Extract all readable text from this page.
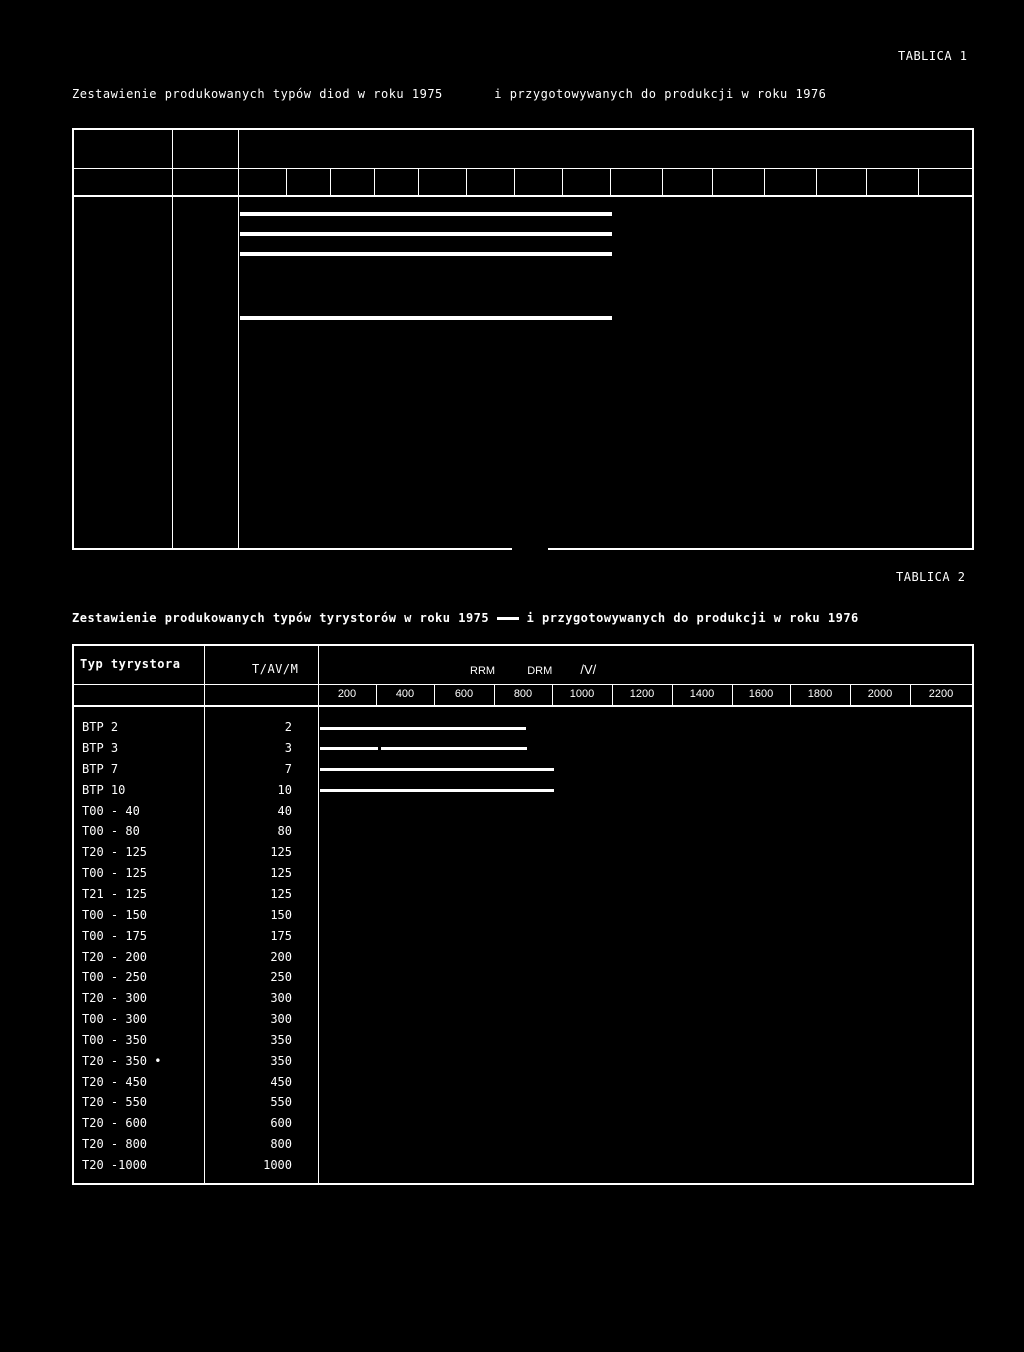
TABLICA 1
Zestawienie produkowanych typów diod w roku 1975	i przygotowywanych do produkcji w roku 1976
TABLICA 2
Zestawienie produkowanych typów tyrystorów w roku 1975	i przygotowywanych do produkcji w roku 1976
Typ tyrystora	T/AV/M	RRM	DRM /V/
200	400	600	800	1000	1200	1400	1600	1800	2000	2200
BTP 2	2
BTP 3	3
BTP 7	7
BTP 10	10
T00 - 40	40
T00 - 80	80
T20 - 125	125
T00 - 125	125
T21 - 125	125
T00 - 150	150
T00 - 175	175
T20 - 200	200
T00 - 250	250
T20 - 300	300
T00 - 300	300
T00 - 350	350
T20 - 350 •	350
T20 - 450	450
T20 - 550	550
T20 - 600	600
T20 - 800	800
T20 -1000	1000
